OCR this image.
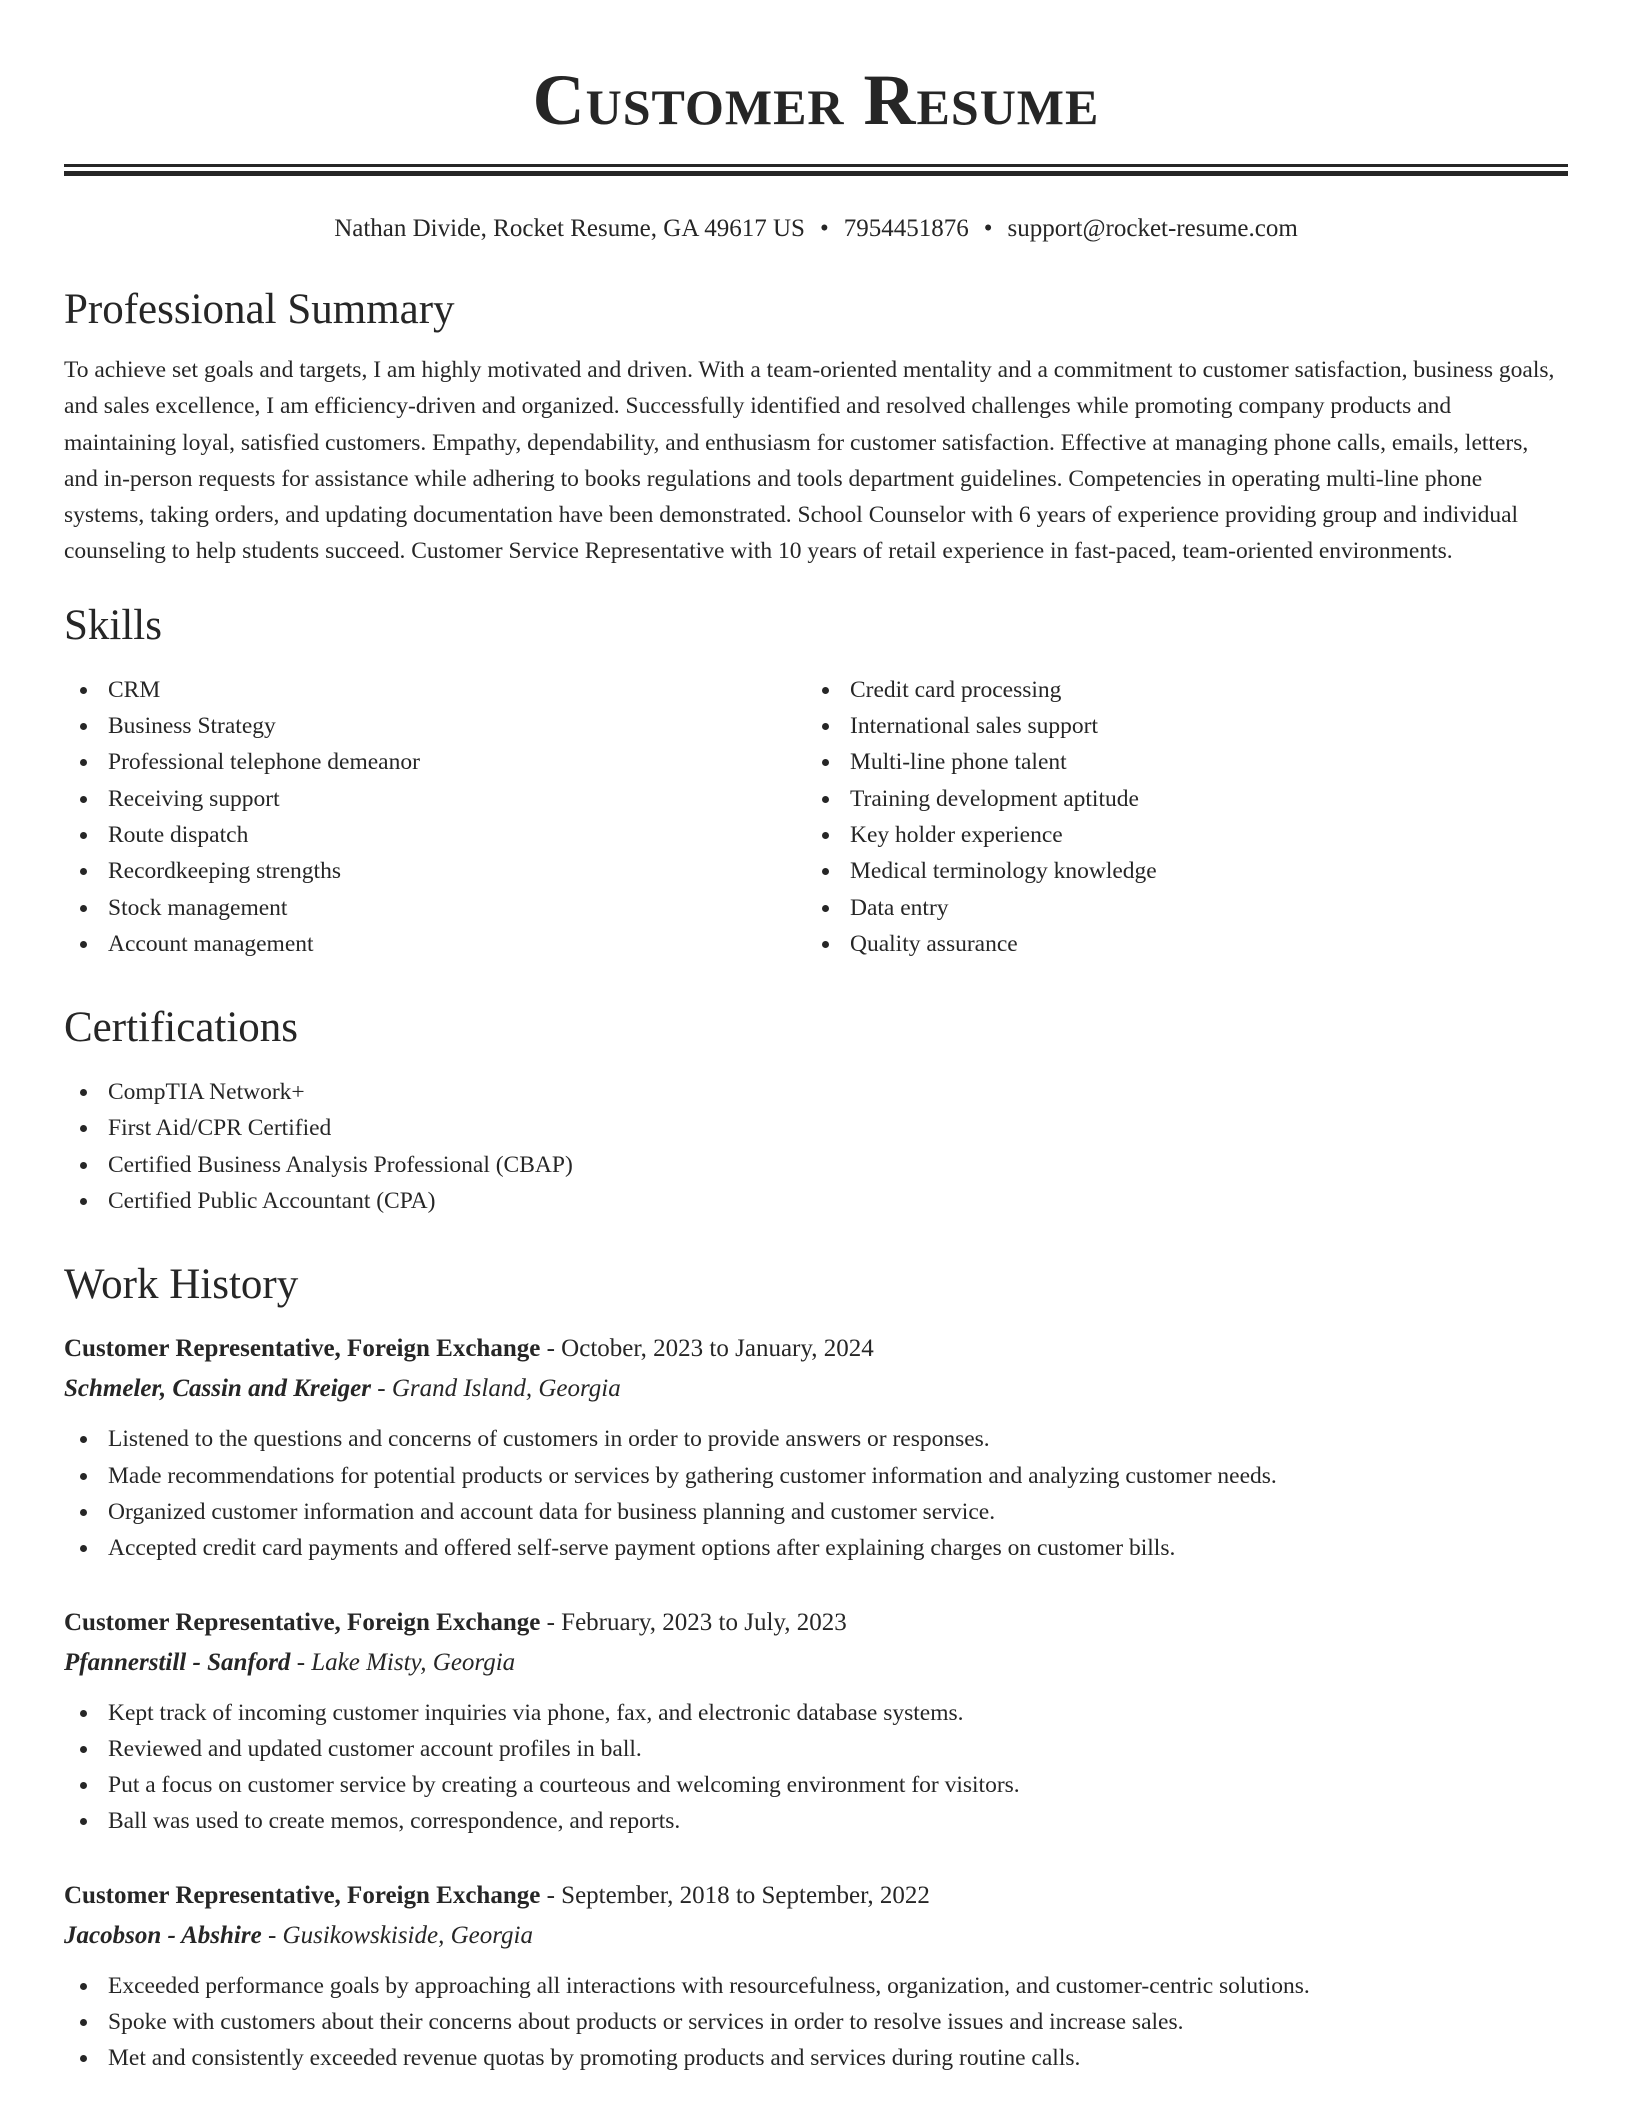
Customer Resume
Nathan Divide, Rocket Resume, GA 49617 US • 7954451876 • support@rocket-resume.com
Professional Summary

To achieve set goals and targets, I am highly motivated and driven. With a team-oriented mentality and a commitment to customer satisfaction, business goals, and sales excellence, I am efficiency-driven and organized. Successfully identified and resolved challenges while promoting company products and maintaining loyal, satisfied customers. Empathy, dependability, and enthusiasm for customer satisfaction. Effective at managing phone calls, emails, letters, and in-person requests for assistance while adhering to books regulations and tools department guidelines. Competencies in operating multi-line phone systems, taking orders, and updating documentation have been demonstrated. School Counselor with 6 years of experience providing group and individual counseling to help students succeed. Customer Service Representative with 10 years of retail experience in fast-paced, team-oriented environments.

Skills
CRM
Business Strategy
Professional telephone demeanor
Receiving support
Route dispatch
Recordkeeping strengths
Stock management
Account management
Credit card processing
International sales support
Multi-line phone talent
Training development aptitude
Key holder experience
Medical terminology knowledge
Data entry
Quality assurance
Certifications
CompTIA Network+
First Aid/CPR Certified
Certified Business Analysis Professional (CBAP)
Certified Public Accountant (CPA)
Work History
Customer Representative, Foreign Exchange - October, 2023 to January, 2024
Schmeler, Cassin and Kreiger - Grand Island, Georgia
Listened to the questions and concerns of customers in order to provide answers or responses.
Made recommendations for potential products or services by gathering customer information and analyzing customer needs.
Organized customer information and account data for business planning and customer service.
Accepted credit card payments and offered self-serve payment options after explaining charges on customer bills.
Customer Representative, Foreign Exchange - February, 2023 to July, 2023
Pfannerstill - Sanford - Lake Misty, Georgia
Kept track of incoming customer inquiries via phone, fax, and electronic database systems.
Reviewed and updated customer account profiles in ball.
Put a focus on customer service by creating a courteous and welcoming environment for visitors.
Ball was used to create memos, correspondence, and reports.
Customer Representative, Foreign Exchange - September, 2018 to September, 2022
Jacobson - Abshire - Gusikowskiside, Georgia
Exceeded performance goals by approaching all interactions with resourcefulness, organization, and customer-centric solutions.
Spoke with customers about their concerns about products or services in order to resolve issues and increase sales.
Met and consistently exceeded revenue quotas by promoting products and services during routine calls.
